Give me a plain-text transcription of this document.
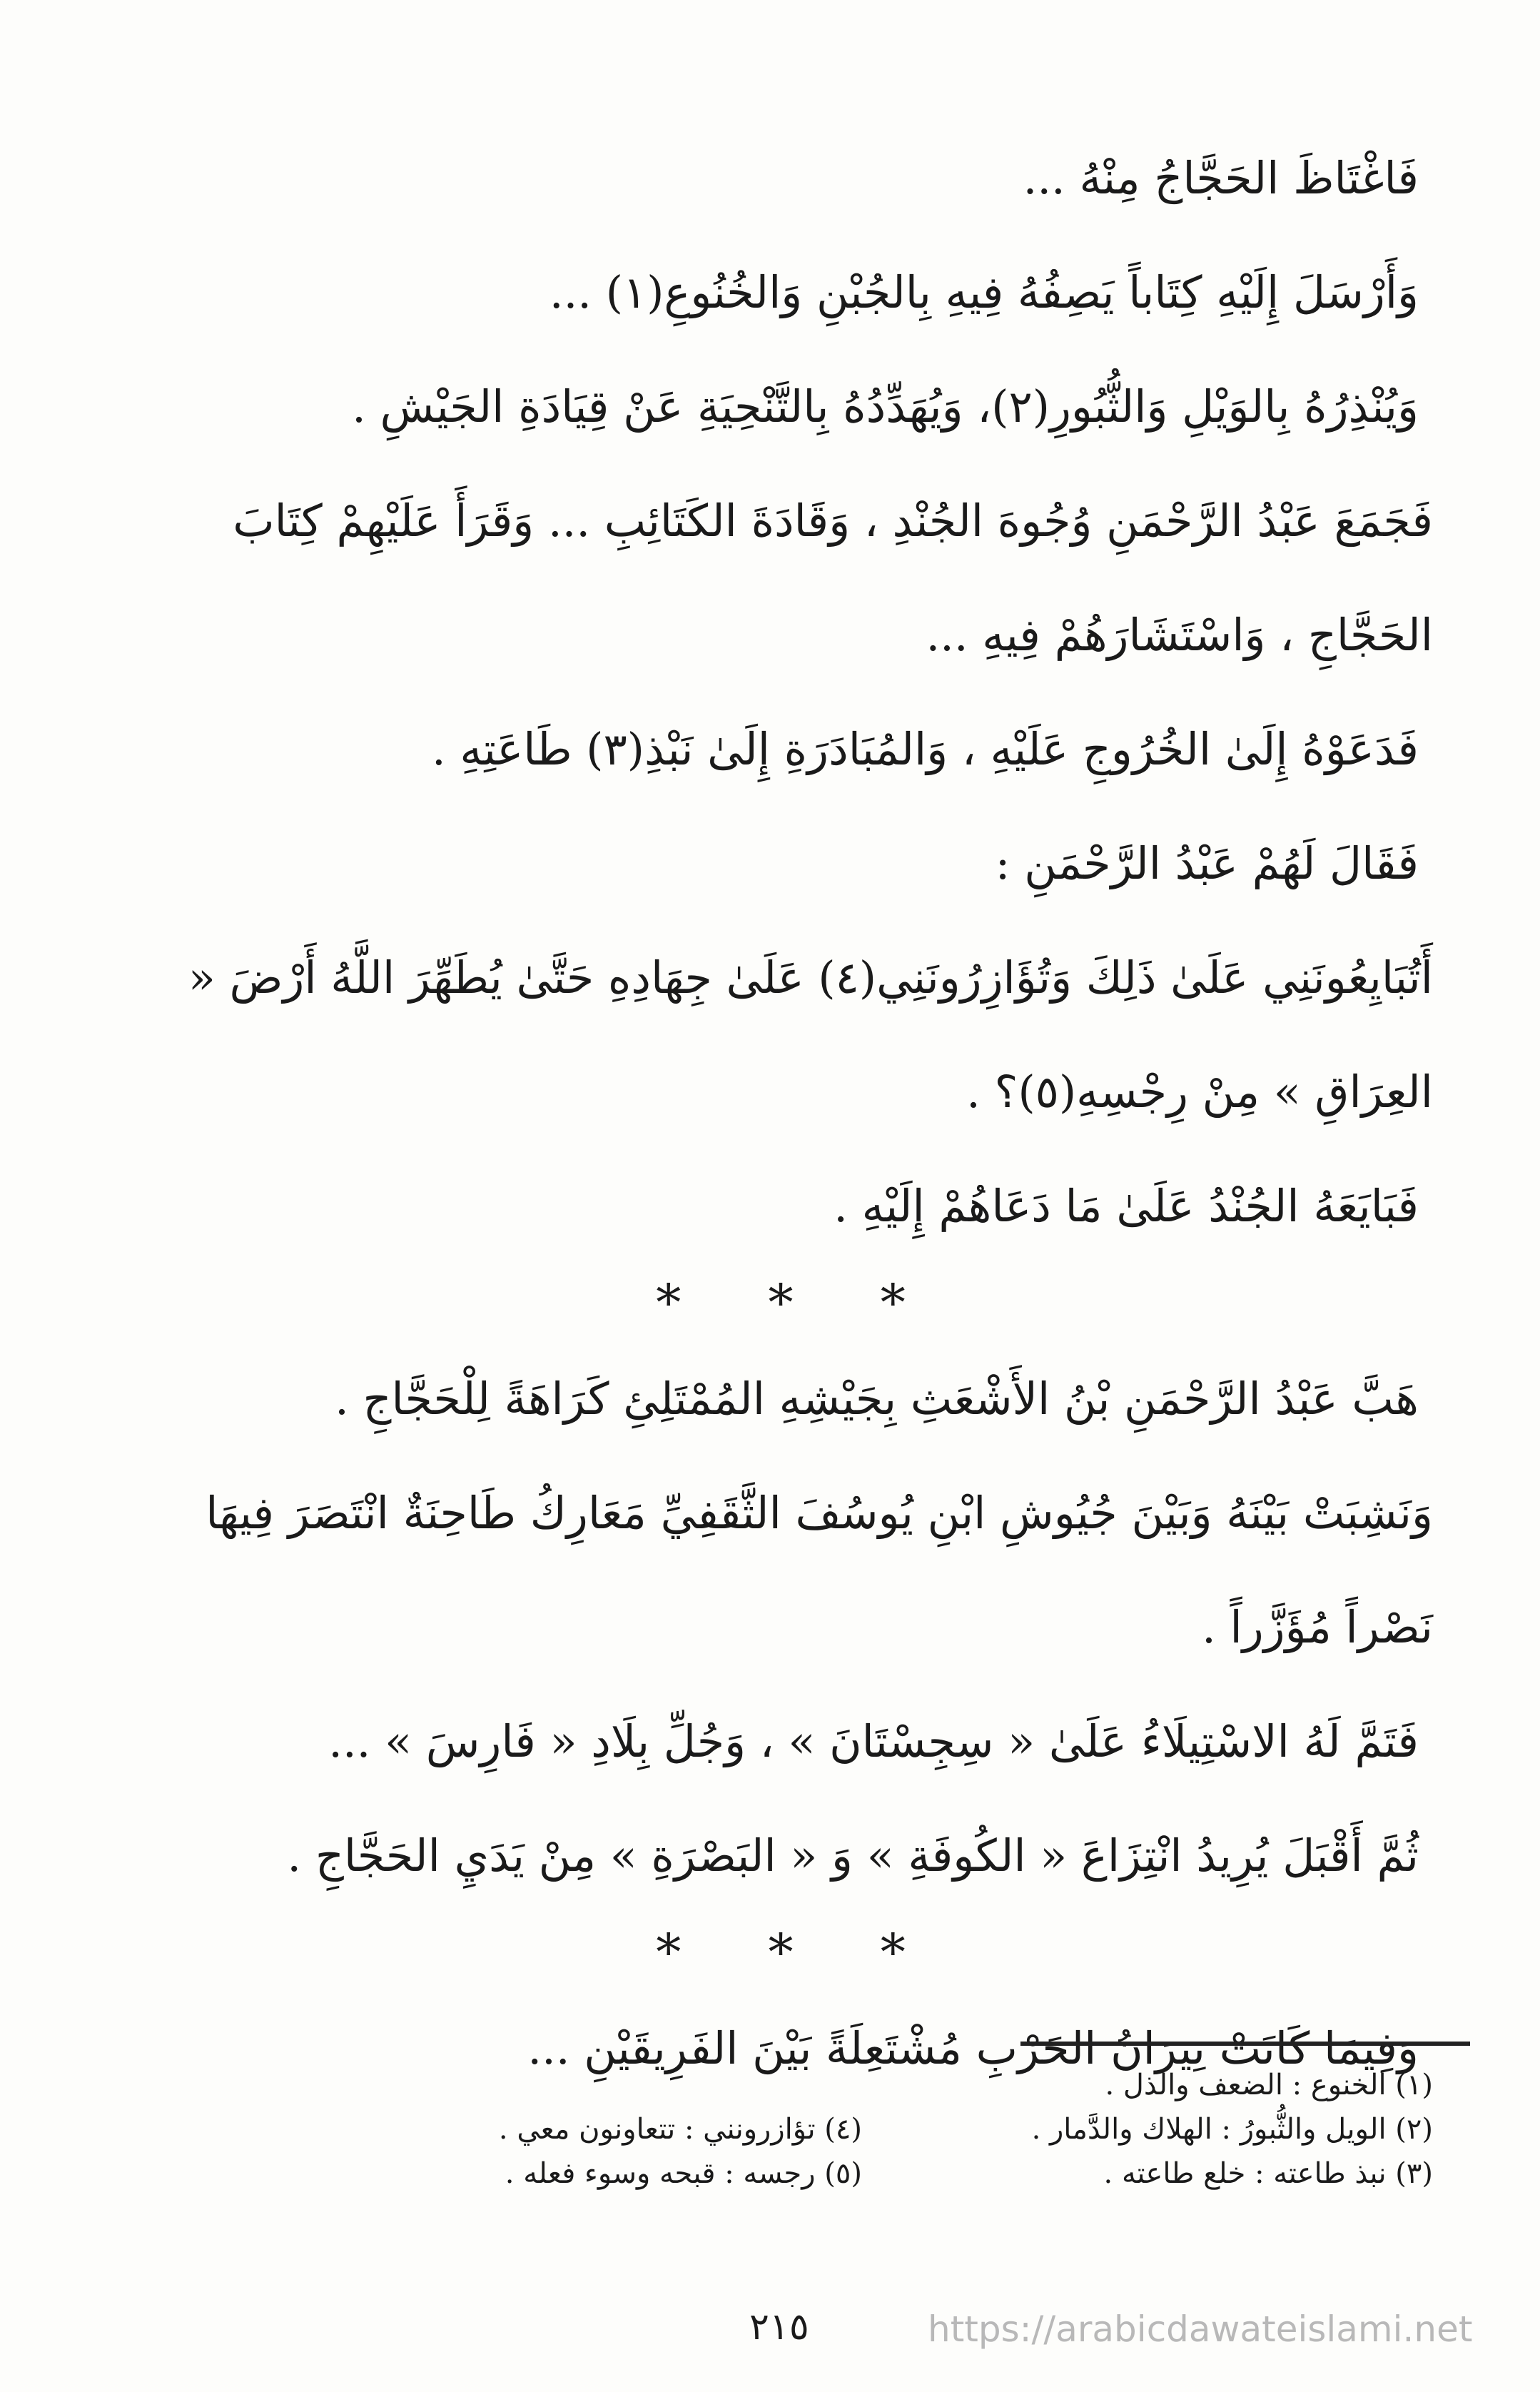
فَاغْتَاظَ الحَجَّاجُ مِنْهُ ...

وَأَرْسَلَ إِلَيْهِ كِتَاباً يَصِفُهُ فِيهِ بِالجُبْنِ وَالخُنُوعِ(١) ...

وَيُنْذِرُهُ بِالوَيْلِ وَالثُّبُورِ(٢)، وَيُهَدِّدُهُ بِالتَّنْحِيَةِ عَنْ قِيَادَةِ الجَيْشِ .

فَجَمَعَ عَبْدُ الرَّحْمَنِ وُجُوهَ الجُنْدِ ، وَقَادَةَ الكَتَائِبِ ... وَقَرَأَ عَلَيْهِمْ كِتَابَ الحَجَّاجِ ، وَاسْتَشَارَهُمْ فِيهِ ...

فَدَعَوْهُ إِلَىٰ الخُرُوجِ عَلَيْهِ ، وَالمُبَادَرَةِ إِلَىٰ نَبْذِ(٣) طَاعَتِهِ .

فَقَالَ لَهُمْ عَبْدُ الرَّحْمَنِ :

أَتُبَايِعُونَنِي عَلَىٰ ذَلِكَ وَتُؤَازِرُونَنِي(٤) عَلَىٰ جِهَادِهِ حَتَّىٰ يُطَهِّرَ اللَّهُ أَرْضَ « العِرَاقِ » مِنْ رِجْسِهِ(٥)؟ .

فَبَايَعَهُ الجُنْدُ عَلَىٰ مَا دَعَاهُمْ إِلَيْهِ .

* * *

هَبَّ عَبْدُ الرَّحْمَنِ بْنُ الأَشْعَثِ بِجَيْشِهِ المُمْتَلِئِ كَرَاهَةً لِلْحَجَّاجِ .

وَنَشِبَتْ بَيْنَهُ وَبَيْنَ جُيُوشِ ابْنِ يُوسُفَ الثَّقَفِيِّ مَعَارِكُ طَاحِنَةٌ انْتَصَرَ فِيهَا نَصْراً مُؤَزَّراً .

فَتَمَّ لَهُ الاسْتِيلَاءُ عَلَىٰ « سِجِسْتَانَ » ، وَجُلِّ بِلَادِ « فَارِسَ » ...

ثُمَّ أَقْبَلَ يُرِيدُ انْتِزَاعَ « الكُوفَةِ » وَ « البَصْرَةِ » مِنْ يَدَيِ الحَجَّاجِ .

* * *

وَفِيمَا كَانَتْ نِيرَانُ الحَرْبِ مُشْتَعِلَةً بَيْنَ الفَرِيقَيْنِ ...

(١) الخنوع : الضعف والذل .

(٢) الويل والثُّبورُ : الهلاك والدَّمار .

(٣) نبذ طاعته : خلع طاعته .

(٤) تؤازرونني : تتعاونون معي .

(٥) رجسه : قبحه وسوء فعله .

٢١٥	https://arabicdawateislami.net
